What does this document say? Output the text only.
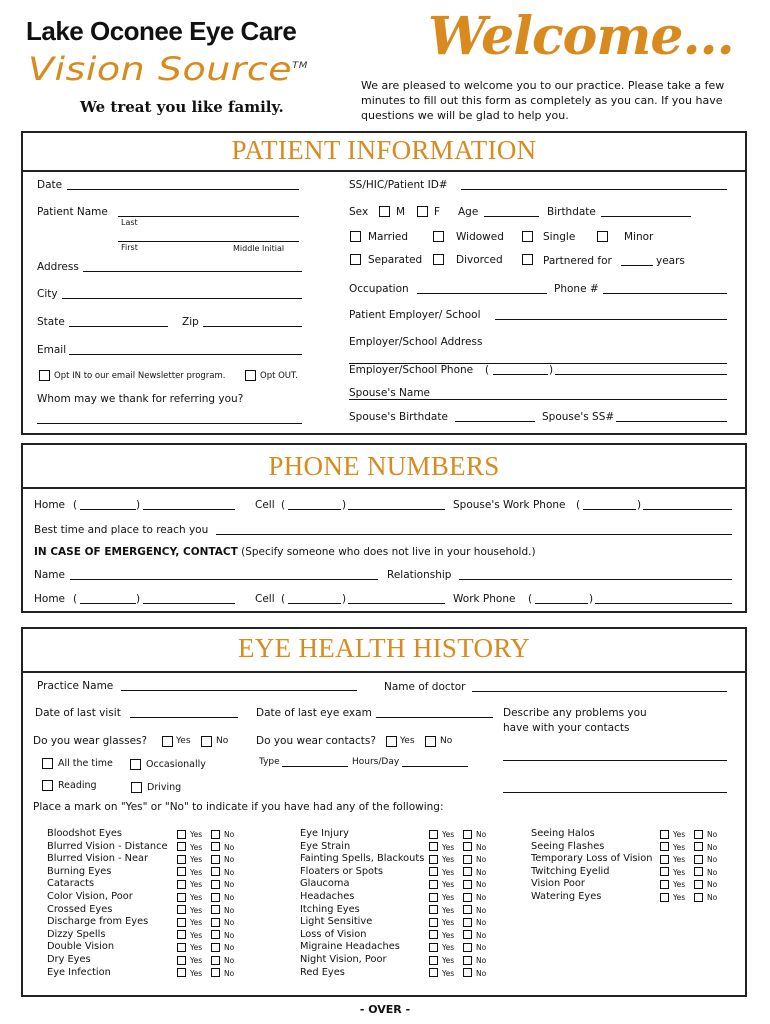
Lake Oconee Eye Care
Vision Source™
We treat you like family.
Welcome...
We are pleased to welcome you to our practice. Please take a few minutes to fill out this form as completely as you can. If you have questions we will be glad to help you.
PATIENT INFORMATION
Date
Patient Name
Last
First	Middle Initial
Address
City
State	Zip
Email
Opt IN to our email Newsletter program.	Opt OUT.
Whom may we thank for referring you?
SS/HIC/Patient ID#
Sex	M	F Age	Birthdate
Married	Widowed	Single	Minor
Separated	Divorced	Partnered for	years
Occupation	Phone #
Patient Employer/ School
Employer/School Address
Employer/School Phone (	)
Spouse's Name
Spouse's Birthdate	Spouse's SS#
PHONE NUMBERS
Home (	)	Cell (	)	Spouse's Work Phone (	)
Best time and place to reach you
IN CASE OF EMERGENCY, CONTACT (Specify someone who does not live in your household.)
Name	Relationship
Home (	)	Cell (	)	Work Phone (	)
EYE HEALTH HISTORY
Practice Name	Name of doctor
Date of last visit	Date of last eye exam	Describe any problems you
have with your contacts
Do you wear glasses?	Yes	No	Do you wear contacts?	Yes	No
All the time	Occasionally	Type	Hours/Day
Reading	Driving
Place a mark on "Yes" or "No" to indicate if you have had any of the following:
Bloodshot Eyes	Yes	No
Blurred Vision - Distance	Yes	No
Blurred Vision - Near	Yes	No
Burning Eyes	Yes	No
Cataracts	Yes	No
Color Vision, Poor	Yes	No
Crossed Eyes	Yes	No
Discharge from Eyes	Yes	No
Dizzy Spells	Yes	No
Double Vision	Yes	No
Dry Eyes	Yes	No
Eye Infection	Yes	No
Eye Injury	Yes	No
Eye Strain	Yes	No
Fainting Spells, Blackouts Yes	No
Floaters or Spots	Yes	No
Glaucoma	Yes	No
Headaches	Yes	No
Itching Eyes	Yes	No
Light Sensitive	Yes	No
Loss of Vision	Yes	No
Migraine Headaches	Yes	No
Night Vision, Poor	Yes	No
Red Eyes	Yes	No
Seeing Halos	Yes	No
Seeing Flashes	Yes	No
Temporary Loss of Vision	Yes	No
Twitching Eyelid	Yes	No
Vision Poor	Yes	No
Watering Eyes	Yes	No
- OVER -
